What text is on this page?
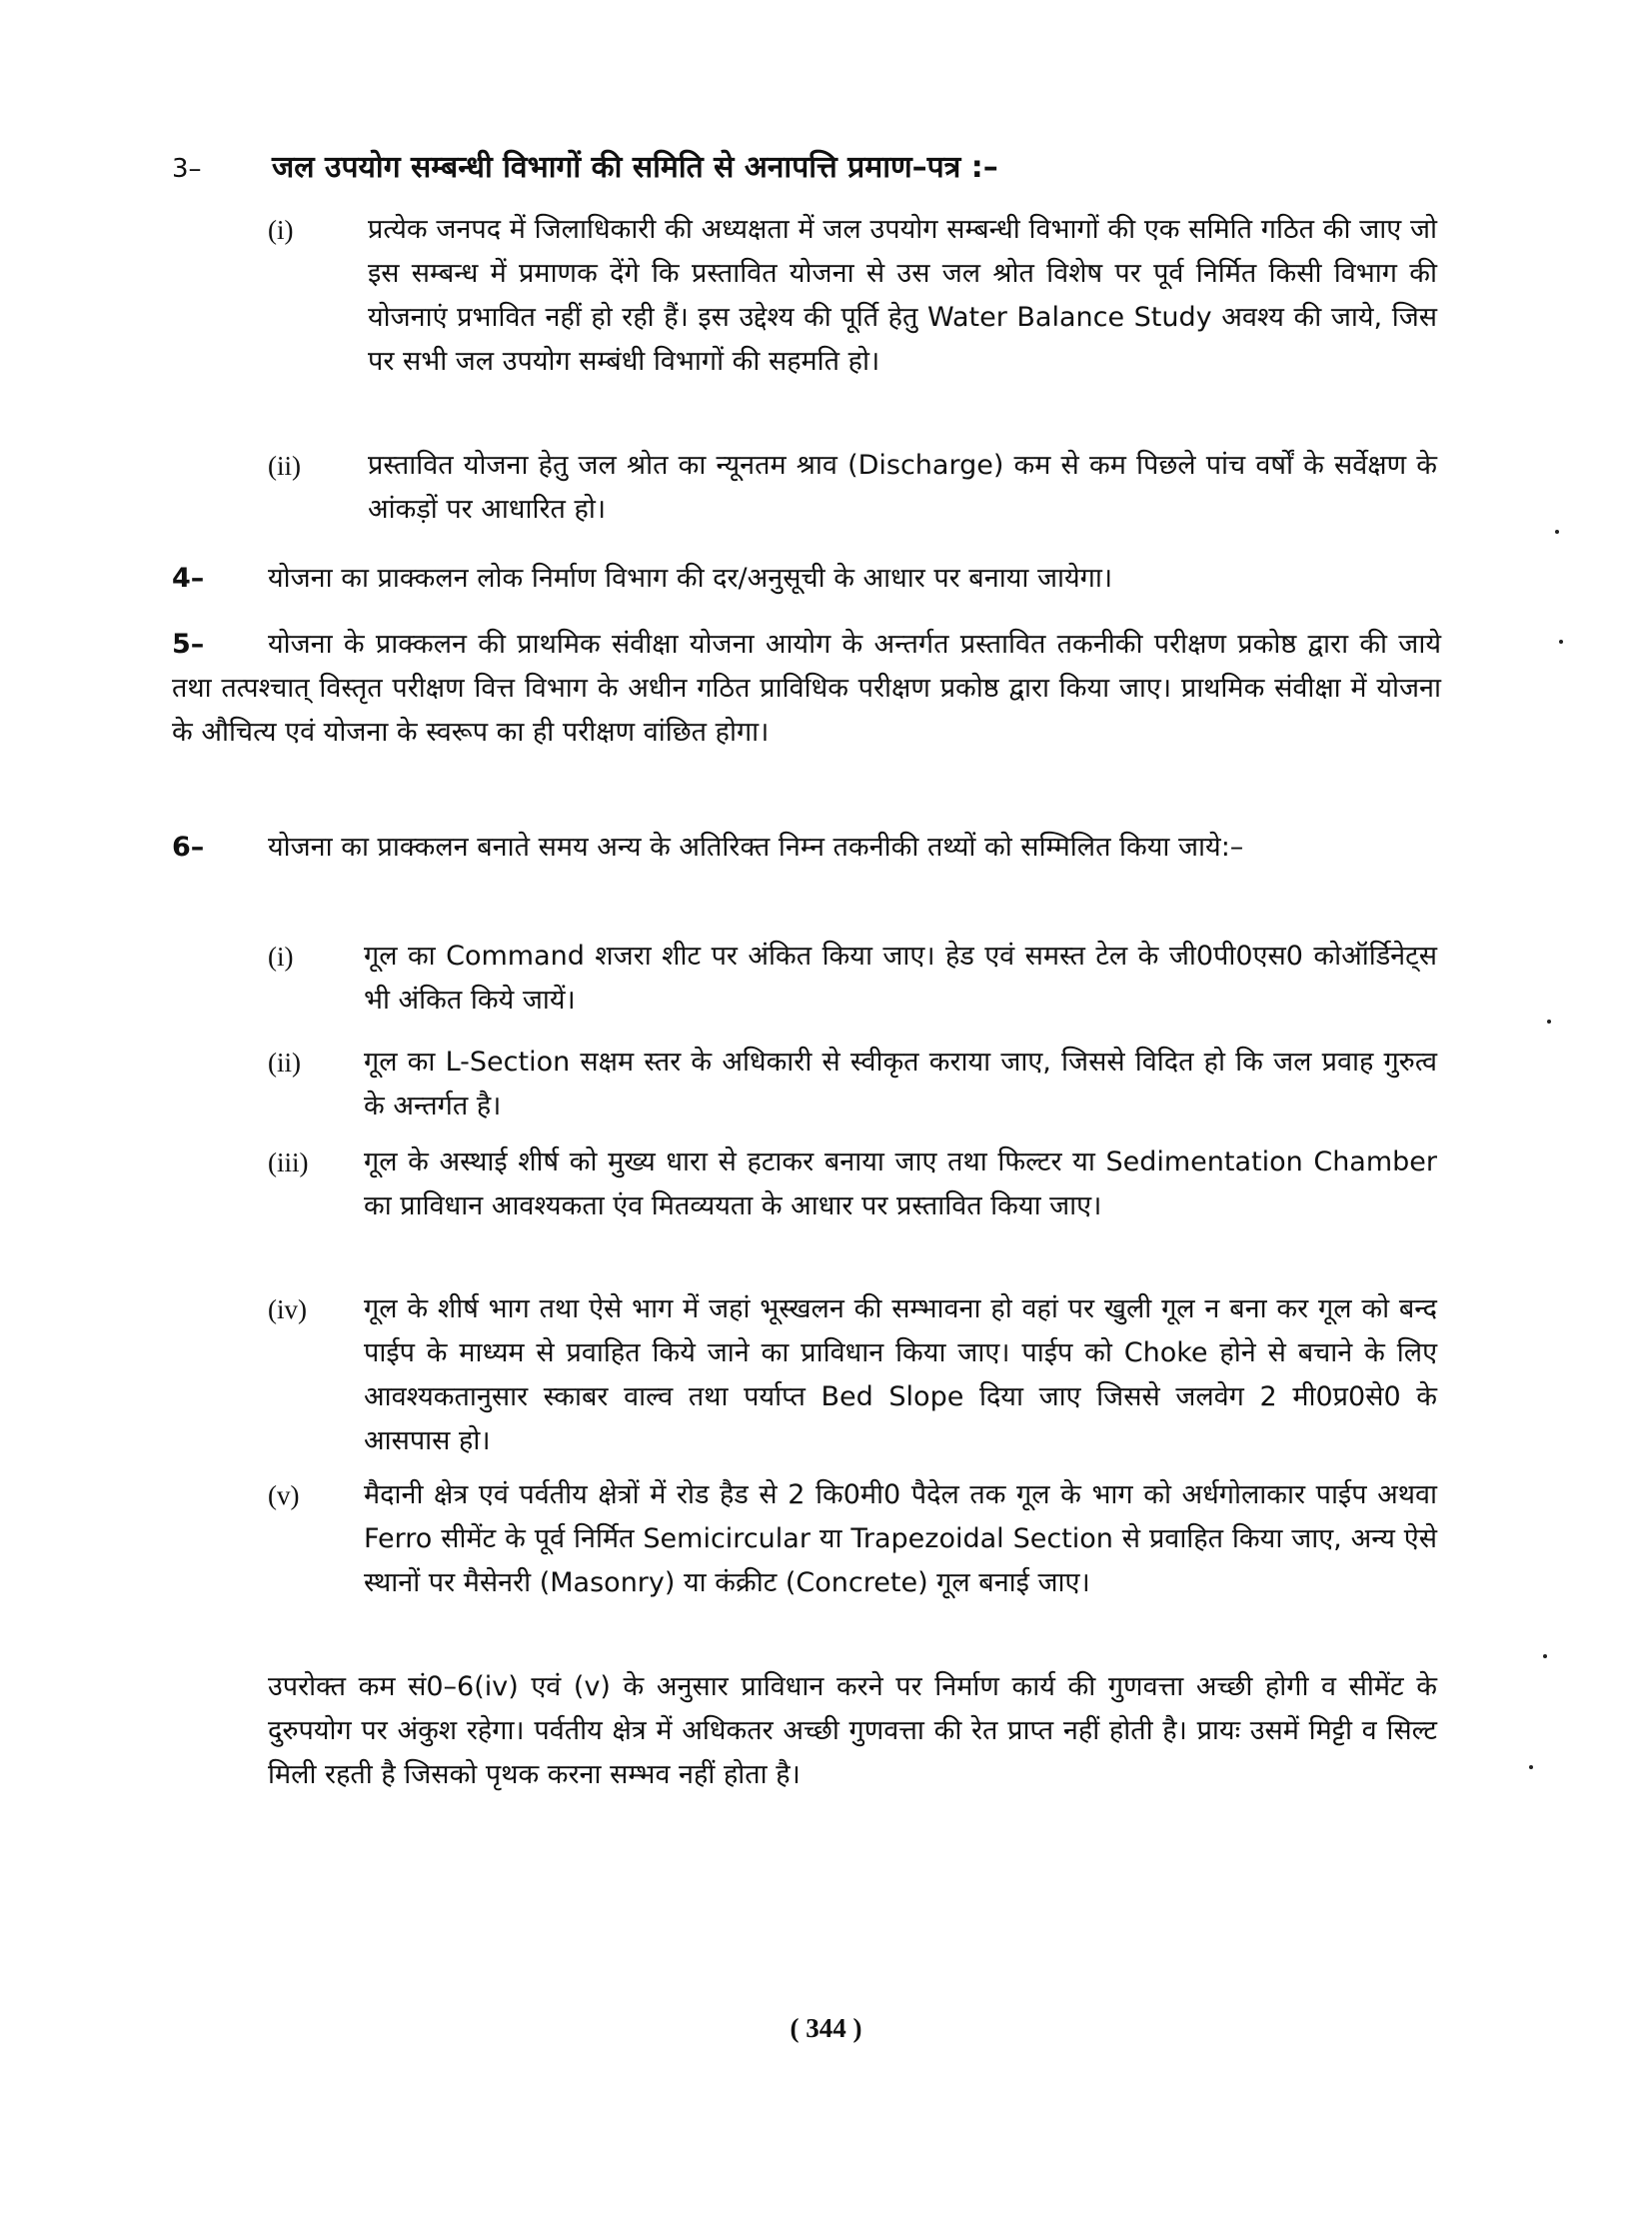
3– जल उपयोग सम्बन्धी विभागों की समिति से अनापत्ति प्रमाण–पत्र :–
(i)	प्रत्येक जनपद में जिलाधिकारी की अध्यक्षता में जल उपयोग सम्बन्धी विभागों की एक समिति गठित की जाए जो इस सम्बन्ध में प्रमाणक देंगे कि प्रस्तावित योजना से उस जल श्रोत विशेष पर पूर्व निर्मित किसी विभाग की योजनाएं प्रभावित नहीं हो रही हैं। इस उद्देश्य की पूर्ति हेतु Water Balance Study अवश्य की जाये, जिस पर सभी जल उपयोग सम्बंधी विभागों की सहमति हो।
(ii) प्रस्तावित योजना हेतु जल श्रोत का न्यूनतम श्राव (Discharge) कम से कम पिछले पांच वर्षों के सर्वेक्षण के आंकड़ों पर आधारित हो।
4– योजना का प्राक्कलन लोक निर्माण विभाग की दर/अनुसूची के आधार पर बनाया जायेगा।
5– योजना के प्राक्कलन की प्राथमिक संवीक्षा योजना आयोग के अन्तर्गत प्रस्तावित तकनीकी परीक्षण प्रकोष्ठ द्वारा की जाये तथा तत्पश्चात् विस्तृत परीक्षण वित्त विभाग के अधीन गठित प्राविधिक परीक्षण प्रकोष्ठ द्वारा किया जाए। प्राथमिक संवीक्षा में योजना के औचित्य एवं योजना के स्वरूप का ही परीक्षण वांछित होगा।
6– योजना का प्राक्कलन बनाते समय अन्य के अतिरिक्त निम्न तकनीकी तथ्यों को सम्मिलित किया जाये:–
(i)	गूल का Command शजरा शीट पर अंकित किया जाए। हेड एवं समस्त टेल के जी0पी0एस0 कोऑर्डिनेट्स भी अंकित किये जायें।
(ii) गूल का L-Section सक्षम स्तर के अधिकारी से स्वीकृत कराया जाए, जिससे विदित हो कि जल प्रवाह गुरुत्व के अन्तर्गत है।
(iii) गूल के अस्थाई शीर्ष को मुख्य धारा से हटाकर बनाया जाए तथा फिल्टर या Sedimentation Chamber का प्राविधान आवश्यकता एंव मितव्ययता के आधार पर प्रस्तावित किया जाए।
(iv) गूल के शीर्ष भाग तथा ऐसे भाग में जहां भूस्खलन की सम्भावना हो वहां पर खुली गूल न बना कर गूल को बन्द पाईप के माध्यम से प्रवाहित किये जाने का प्राविधान किया जाए। पाईप को Choke होने से बचाने के लिए आवश्यकतानुसार स्काबर वाल्व तथा पर्याप्त Bed Slope दिया जाए जिससे जलवेग 2 मी0प्र0से0 के आसपास हो।
(v) मैदानी क्षेत्र एवं पर्वतीय क्षेत्रों में रोड हैड से 2 कि0मी0 पैदेल तक गूल के भाग को अर्धगोलाकार पाईप अथवा Ferro सीमेंट के पूर्व निर्मित Semicircular या Trapezoidal Section से प्रवाहित किया जाए, अन्य ऐसे स्थानों पर मैसेनरी (Masonry) या कंक्रीट (Concrete) गूल बनाई जाए।
उपरोक्त कम सं0–6(iv) एवं (v) के अनुसार प्राविधान करने पर निर्माण कार्य की गुणवत्ता अच्छी होगी व सीमेंट के दुरुपयोग पर अंकुश रहेगा। पर्वतीय क्षेत्र में अधिकतर अच्छी गुणवत्ता की रेत प्राप्त नहीं होती है। प्रायः उसमें मिट्टी व सिल्ट मिली रहती है जिसको पृथक करना सम्भव नहीं होता है।
( 344 )
